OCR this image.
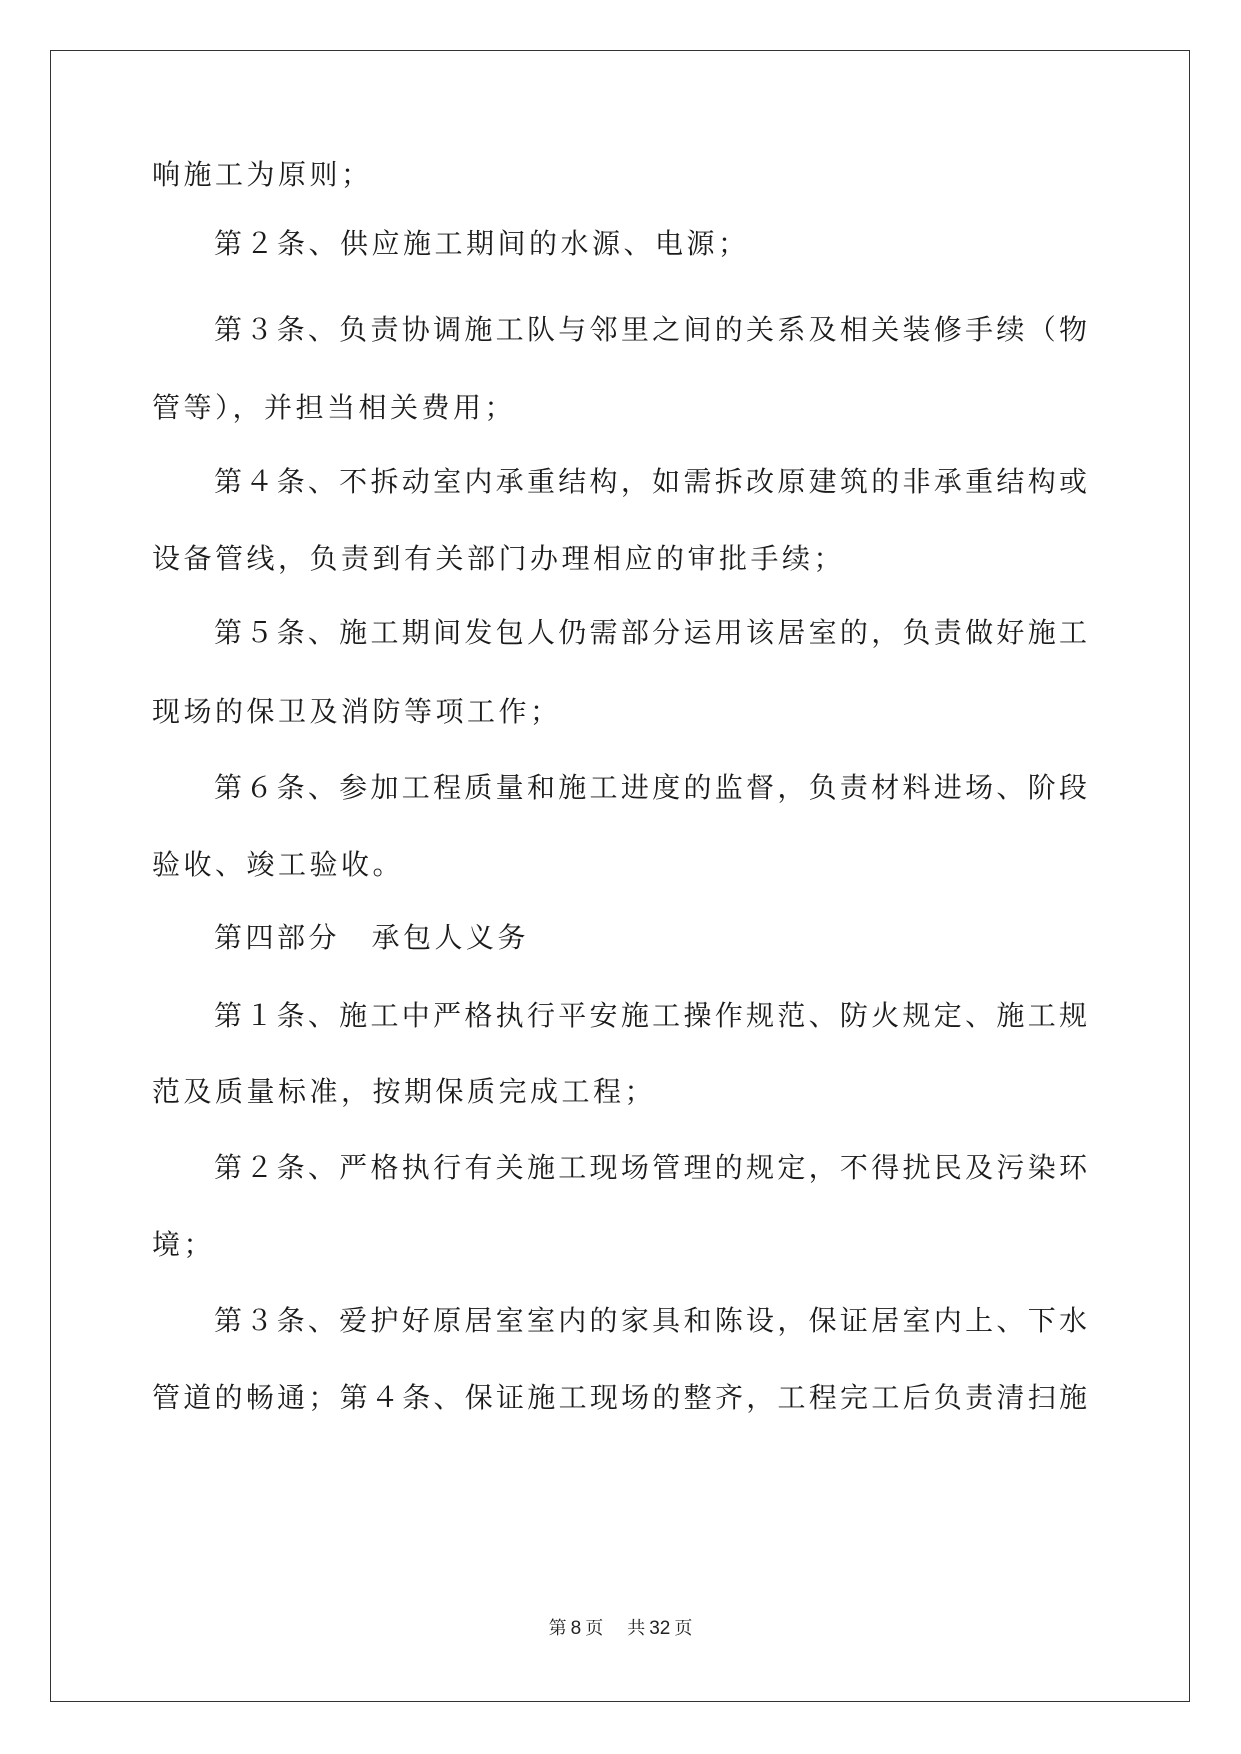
响施工为原则；
第２条、供应施工期间的水源、电源；
第３条、负责协调施工队与邻里之间的关系及相关装修手续（物
管等），并担当相关费用；
第４条、不拆动室内承重结构，如需拆改原建筑的非承重结构或
设备管线，负责到有关部门办理相应的审批手续；
第５条、施工期间发包人仍需部分运用该居室的，负责做好施工
现场的保卫及消防等项工作；
第６条、参加工程质量和施工进度的监督，负责材料进场、阶段
验收、竣工验收。
第四部分　承包人义务
第１条、施工中严格执行平安施工操作规范、防火规定、施工规
范及质量标准，按期保质完成工程；
第２条、严格执行有关施工现场管理的规定，不得扰民及污染环
境；
第３条、爱护好原居室室内的家具和陈设，保证居室内上、下水
管道的畅通；第４条、保证施工现场的整齐，工程完工后负责清扫施
第 8 页 共 32 页
